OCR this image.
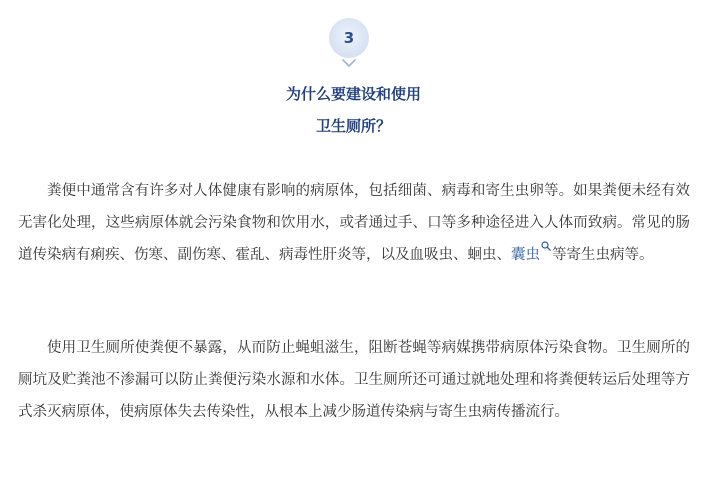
3
为什么要建设和使用
卫生厕所？

粪便中通常含有许多对人体健康有影响的病原体，包括细菌、病毒和寄生虫卵等。如果粪便未经有效无害化处理，这些病原体就会污染食物和饮用水，或者通过手、口等多种途径进入人体而致病。常见的肠道传染病有痢疾、伤寒、副伤寒、霍乱、病毒性肝炎等，以及血吸虫、蛔虫、囊虫 等寄生虫病等。

使用卫生厕所使粪便不暴露，从而防止蝇蛆滋生，阻断苍蝇等病媒携带病原体污染食物。卫生厕所的厕坑及贮粪池不渗漏可以防止粪便污染水源和水体。卫生厕所还可通过就地处理和将粪便转运后处理等方式杀灭病原体，使病原体失去传染性，从根本上减少肠道传染病与寄生虫病传播流行。
